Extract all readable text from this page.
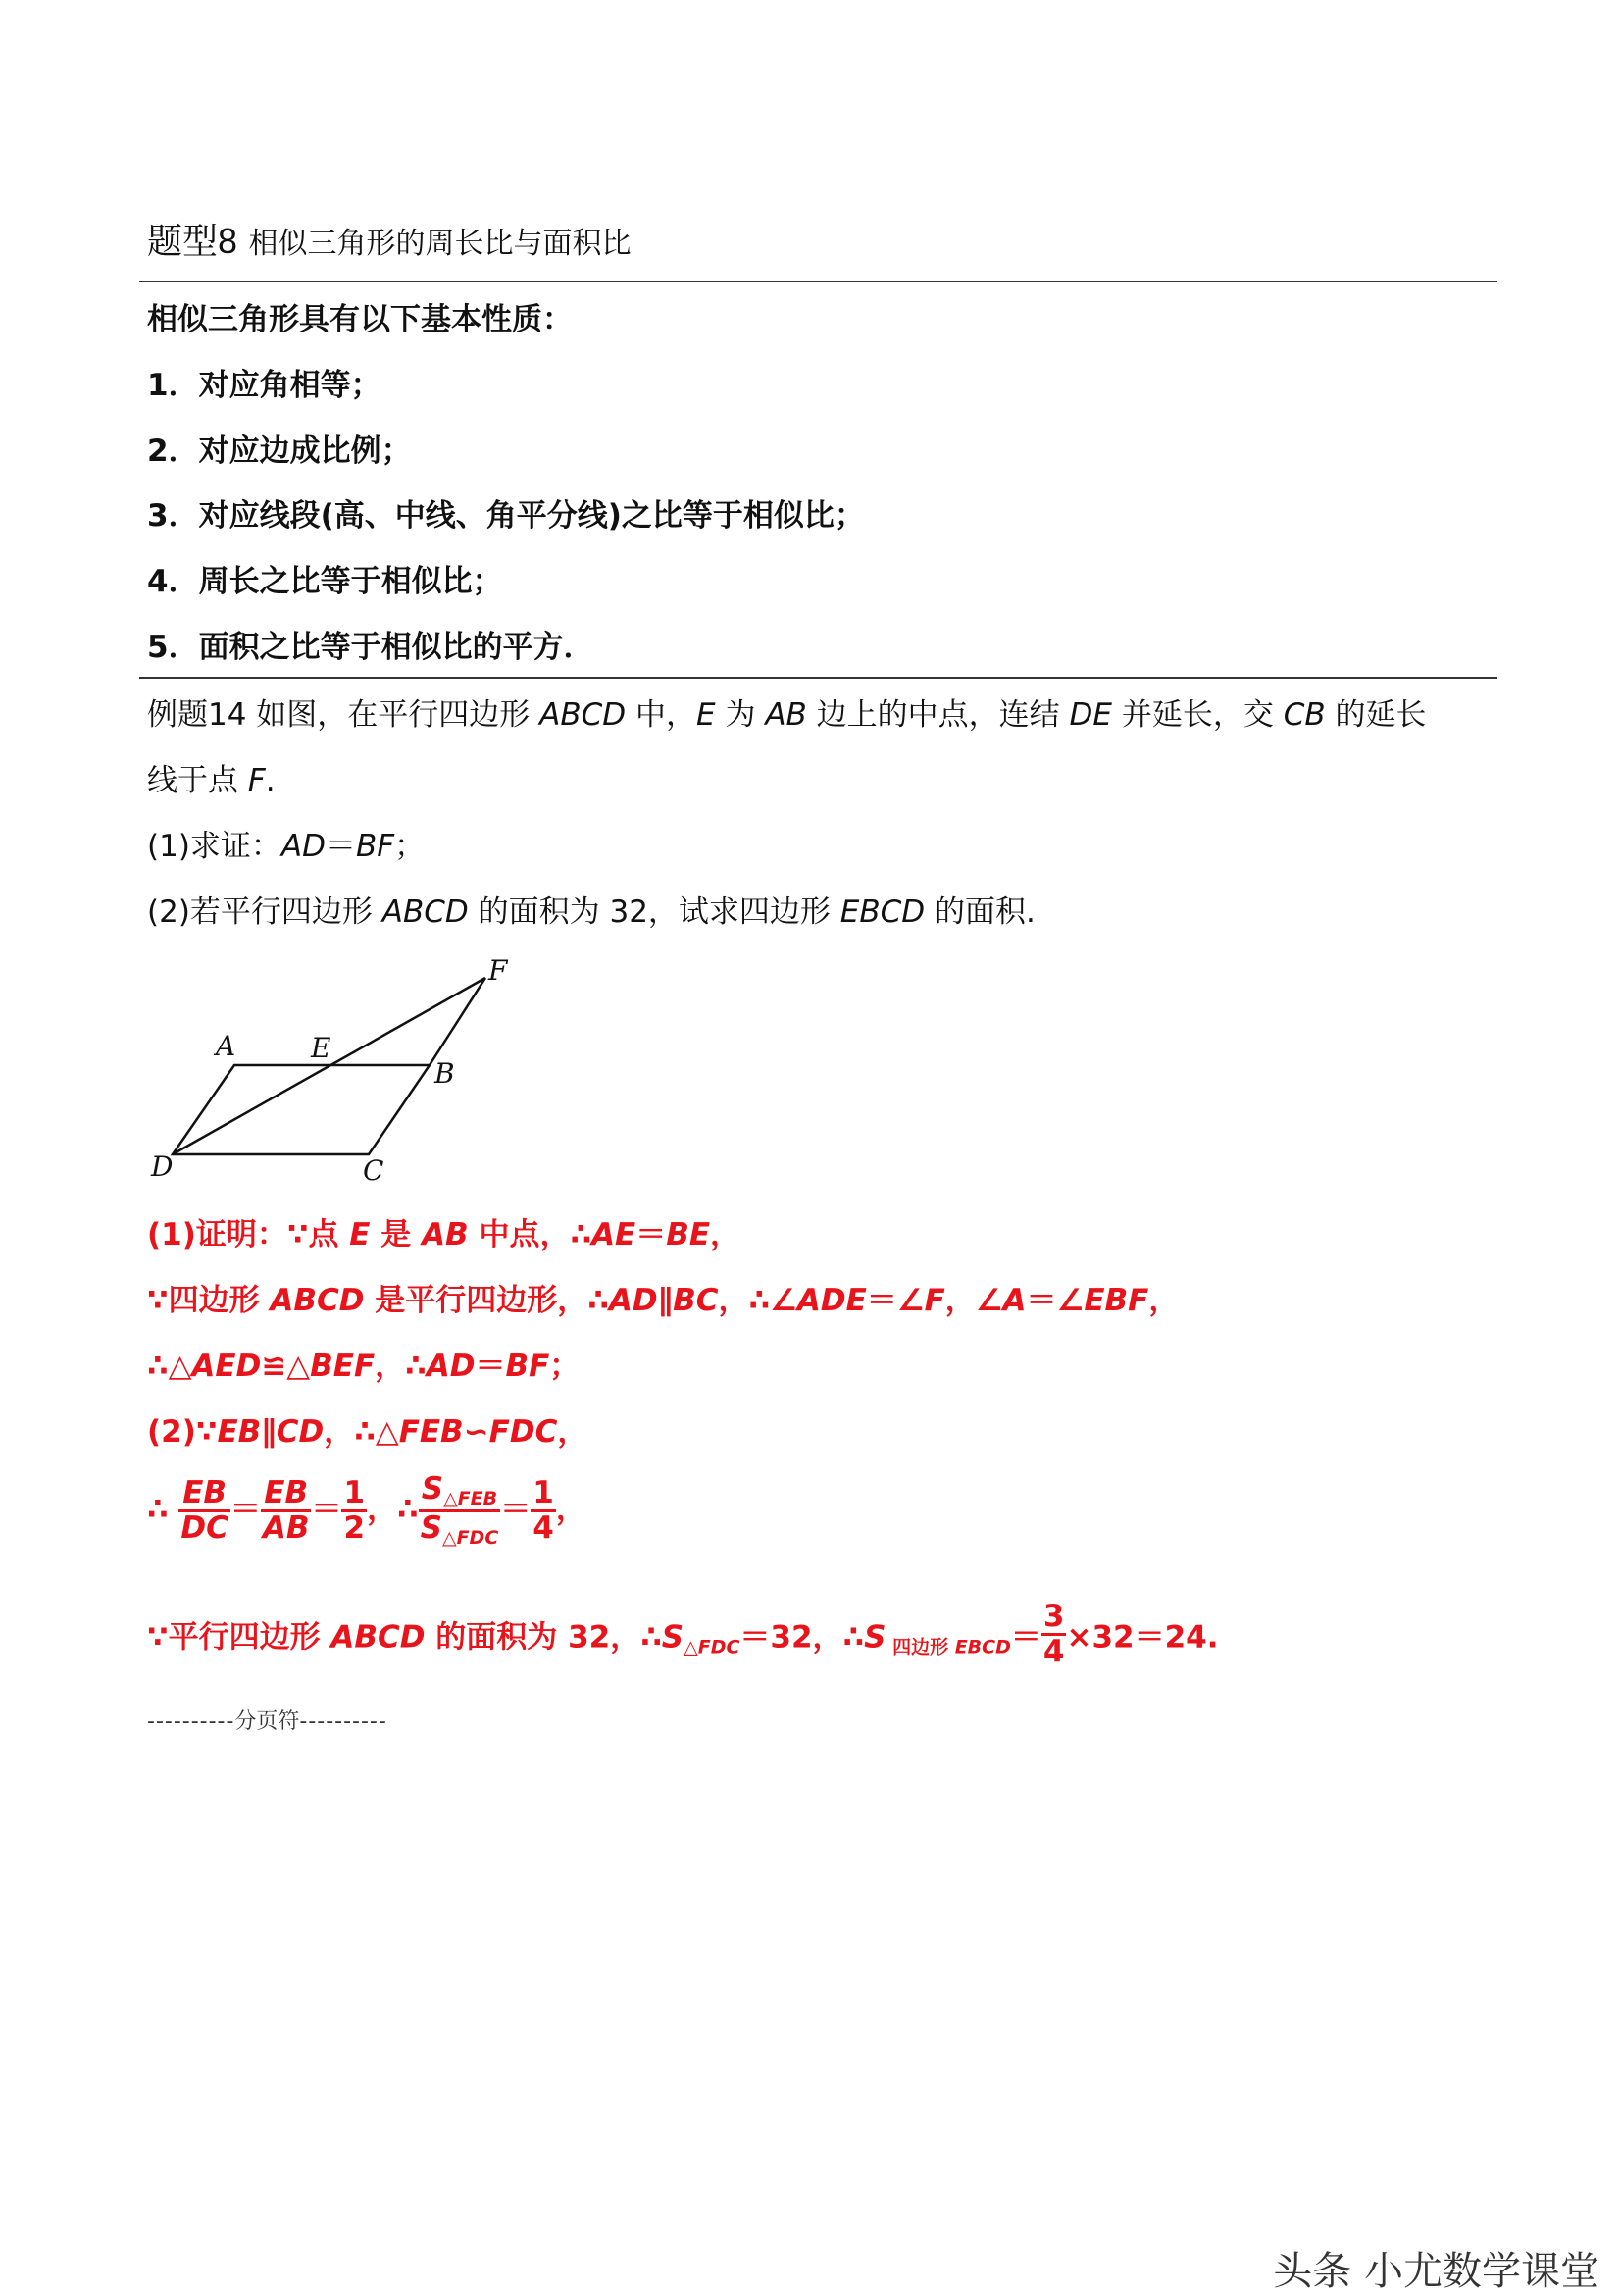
题型8 相似三角形的周长比与面积比
相似三角形具有以下基本性质：
1．对应角相等；
2．对应边成比例；
3．对应线段(高、中线、角平分线)之比等于相似比；
4．周长之比等于相似比；
5．面积之比等于相似比的平方．
例题14 如图，在平行四边形 ABCD 中，E 为 AB 边上的中点，连结 DE 并延长，交 CB 的延长
线于点 F.
(1)求证：AD＝BF；
(2)若平行四边形 ABCD 的面积为 32，试求四边形 EBCD 的面积.
A	E
B
F
D	C
(1)证明：∵点 E 是 AB 中点，∴AE＝BE，
∵四边形 ABCD 是平行四边形，∴AD∥BC，∴∠ADE＝∠F，∠A＝∠EBF，
∴△AED≌△BEF，∴AD＝BF；
(2)∵EB∥CD，∴△FEB∽FDC，
∴ $\frac{EB}{DC} = \frac{EB}{AB} = \frac{1}{2}$ ，∴ $\frac{S_{\triangle FEB}}{S_{\triangle FDC}} = \frac{1}{4}$ ，
∵平行四边形 ABCD 的面积为 32，$\therefore S_{\triangle FDC}=32$，∴S $_{四边形}$ $_{EBCD}= \frac{3}{4} \times 32=24$.
----------分页符----------
头条 小尤数学课堂
